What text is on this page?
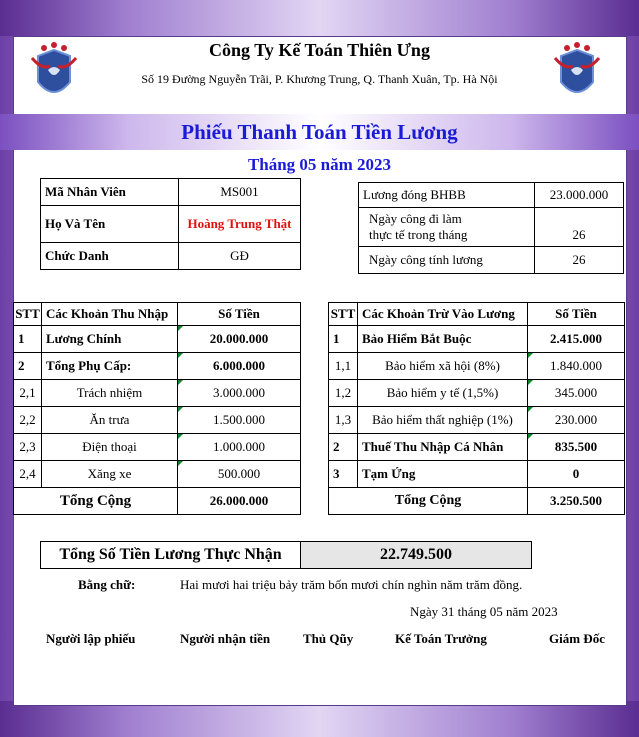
Công Ty Kế Toán Thiên Ưng
Số 19 Đường Nguyễn Trãi, P. Khương Trung, Q. Thanh Xuân, Tp. Hà Nội
Phiếu Thanh Toán Tiền Lương
Tháng 05 năm 2023
Mã Nhân Viên	MS001
Họ Và Tên	Hoàng Trung Thật
Chức Danh	GĐ
Lương đóng BHBB	23.000.000
Ngày công đi làm
thực tế trong tháng	26
Ngày công tính lương	26
STT Các Khoản Thu Nhập	Số Tiền
1	Lương Chính	20.000.000
2	Tổng Phụ Cấp:	6.000.000
2,1	Trách nhiệm	3.000.000
2,2	Ăn trưa	1.500.000
2,3	Điện thoại	1.000.000
2,4	Xăng xe	500.000
Tổng Cộng	26.000.000
STT Các Khoản Trừ Vào Lương	Số Tiền
1	Bảo Hiểm Bắt Buộc	2.415.000
1,1	Bảo hiểm xã hội (8%)	1.840.000
1,2	Bảo hiểm y tế (1,5%)	345.000
1,3	Bảo hiểm thất nghiệp (1%)	230.000
2	Thuế Thu Nhập Cá Nhân	835.500
3	Tạm Ứng	0
Tổng Cộng	3.250.500
Tổng Số Tiền Lương Thực Nhận	22.749.500
Bằng chữ:	Hai mươi hai triệu bảy trăm bốn mươi chín nghìn năm trăm đồng.
Ngày 31 tháng 05 năm 2023
Người lập phiếu	Người nhận tiền	Thủ Qũy	Kế Toán Trưởng	Giám Đốc
